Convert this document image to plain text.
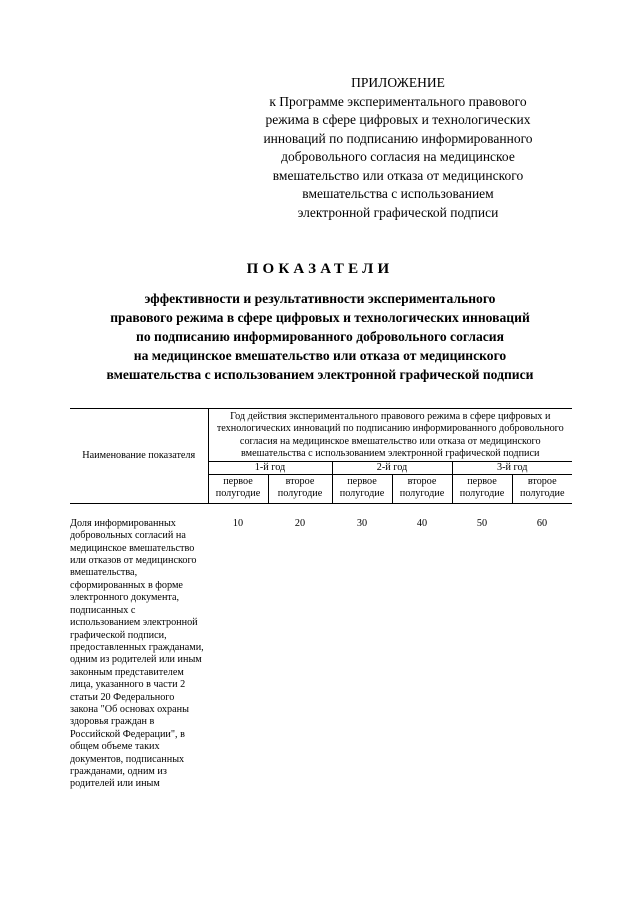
ПРИЛОЖЕНИЕ
к Программе экспериментального правового
режима в сфере цифровых и технологических
инноваций по подписанию информированного
добровольного согласия на медицинское
вмешательство или отказа от медицинского
вмешательства с использованием
электронной графической подписи
ПОКАЗАТЕЛИ
эффективности и результативности экспериментального
правового режима в сфере цифровых и технологических инноваций
по подписанию информированного добровольного согласия
на медицинское вмешательство или отказа от медицинского
вмешательства с использованием электронной графической подписи
Наименование показателя	Год действия экспериментального правового режима в сфере цифровых и технологических инноваций по подписанию информированного добровольного согласия на медицинское вмешательство или отказа от медицинского вмешательства с использованием электронной графической подписи					
	1-й год		2-й год		3-й год	
	первое полугодие	второе полугодие	первое полугодие	второе полугодие	первое полугодие	второе полугодие

Доля информированных добровольных согласий на медицинское вмешательство или отказов от медицинского вмешательства, сформированных в форме электронного документа, подписанных с использованием электронной графической подписи, предоставленных гражданами, одним из родителей или иным законным представителем лица, указанного в части 2 статьи 20 Федерального закона "Об основах охраны здоровья граждан в Российской Федерации", в общем объеме таких документов, подписанных гражданами, одним из родителей или иным	10	20	30	40	50	60
